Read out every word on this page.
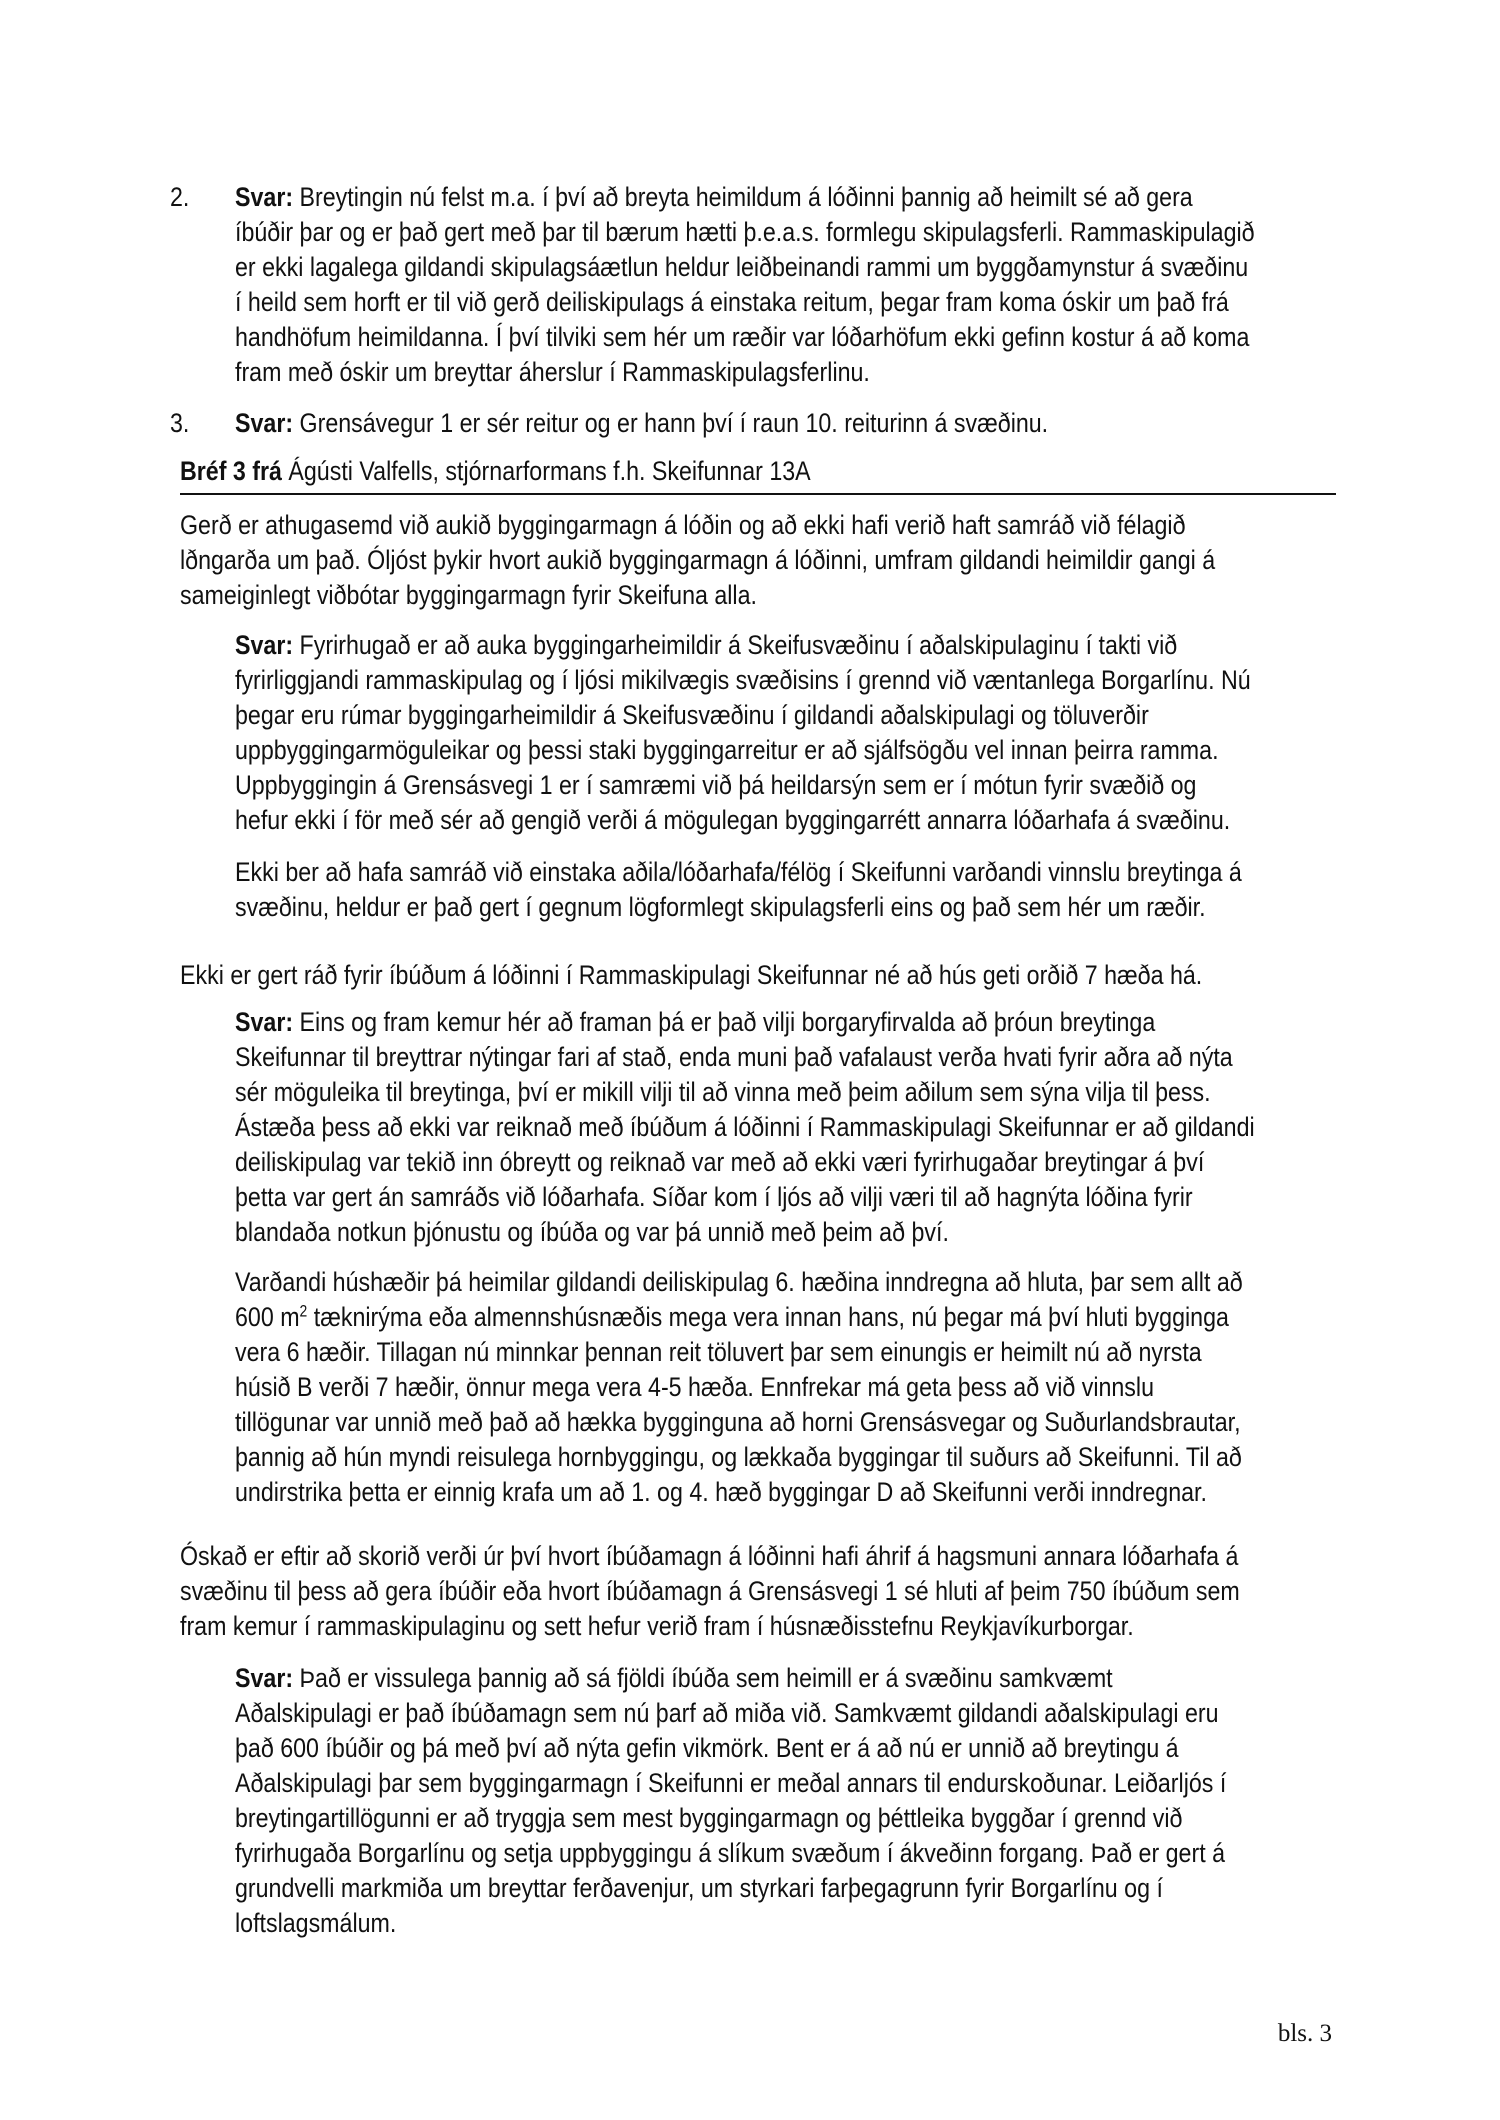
2. Svar: Breytingin nú felst m.a. í því að breyta heimildum á lóðinni þannig að heimilt sé að gera
íbúðir þar og er það gert með þar til bærum hætti þ.e.a.s. formlegu skipulagsferli. Rammaskipulagið
er ekki lagalega gildandi skipulagsáætlun heldur leiðbeinandi rammi um byggðamynstur á svæðinu
í heild sem horft er til við gerð deiliskipulags á einstaka reitum, þegar fram koma óskir um það frá
handhöfum heimildanna. Í því tilviki sem hér um ræðir var lóðarhöfum ekki gefinn kostur á að koma
fram með óskir um breyttar áherslur í Rammaskipulagsferlinu.
3. Svar: Grensávegur 1 er sér reitur og er hann því í raun 10. reiturinn á svæðinu.
Bréf 3 frá Ágústi Valfells, stjórnarformans f.h. Skeifunnar 13A
Gerð er athugasemd við aukið byggingarmagn á lóðin og að ekki hafi verið haft samráð við félagið
lðngarða um það. Óljóst þykir hvort aukið byggingarmagn á lóðinni, umfram gildandi heimildir gangi á
sameiginlegt viðbótar byggingarmagn fyrir Skeifuna alla.
Svar: Fyrirhugað er að auka byggingarheimildir á Skeifusvæðinu í aðalskipulaginu í takti við
fyrirliggjandi rammaskipulag og í ljósi mikilvægis svæðisins í grennd við væntanlega Borgarlínu. Nú
þegar eru rúmar byggingarheimildir á Skeifusvæðinu í gildandi aðalskipulagi og töluverðir
uppbyggingarmöguleikar og þessi staki byggingarreitur er að sjálfsögðu vel innan þeirra ramma.
Uppbyggingin á Grensásvegi 1 er í samræmi við þá heildarsýn sem er í mótun fyrir svæðið og
hefur ekki í för með sér að gengið verði á mögulegan byggingarrétt annarra lóðarhafa á svæðinu.
Ekki ber að hafa samráð við einstaka aðila/lóðarhafa/félög í Skeifunni varðandi vinnslu breytinga á
svæðinu, heldur er það gert í gegnum lögformlegt skipulagsferli eins og það sem hér um ræðir.
Ekki er gert ráð fyrir íbúðum á lóðinni í Rammaskipulagi Skeifunnar né að hús geti orðið 7 hæða há.
Svar: Eins og fram kemur hér að framan þá er það vilji borgaryfirvalda að þróun breytinga
Skeifunnar til breyttrar nýtingar fari af stað, enda muni það vafalaust verða hvati fyrir aðra að nýta
sér möguleika til breytinga, því er mikill vilji til að vinna með þeim aðilum sem sýna vilja til þess.
Ástæða þess að ekki var reiknað með íbúðum á lóðinni í Rammaskipulagi Skeifunnar er að gildandi
deiliskipulag var tekið inn óbreytt og reiknað var með að ekki væri fyrirhugaðar breytingar á því
þetta var gert án samráðs við lóðarhafa. Síðar kom í ljós að vilji væri til að hagnýta lóðina fyrir
blandaða notkun þjónustu og íbúða og var þá unnið með þeim að því.
Varðandi húshæðir þá heimilar gildandi deiliskipulag 6. hæðina inndregna að hluta, þar sem allt að
600 $m^2$ tæknirýma eða almennshúsnæðis mega vera innan hans, nú þegar má því hluti bygginga
vera 6 hæðir. Tillagan nú minnkar þennan reit töluvert þar sem einungis er heimilt nú að nyrsta
húsið B verði 7 hæðir, önnur mega vera 4-5 hæða. Ennfrekar má geta þess að við vinnslu
tillögunar var unnið með það að hækka bygginguna að horni Grensásvegar og Suðurlandsbrautar,
þannig að hún myndi reisulega hornbyggingu, og lækkaða byggingar til suðurs að Skeifunni. Til að
undirstrika þetta er einnig krafa um að 1. og 4. hæð byggingar D að Skeifunni verði inndregnar.
Óskað er eftir að skorið verði úr því hvort íbúðamagn á lóðinni hafi áhrif á hagsmuni annara lóðarhafa á
svæðinu til þess að gera íbúðir eða hvort íbúðamagn á Grensásvegi 1 sé hluti af þeim 750 íbúðum sem
fram kemur í rammaskipulaginu og sett hefur verið fram í húsnæðisstefnu Reykjavíkurborgar.
Svar: Það er vissulega þannig að sá fjöldi íbúða sem heimill er á svæðinu samkvæmt
Aðalskipulagi er það íbúðamagn sem nú þarf að miða við. Samkvæmt gildandi aðalskipulagi eru
það 600 íbúðir og þá með því að nýta gefin vikmörk. Bent er á að nú er unnið að breytingu á
Aðalskipulagi þar sem byggingarmagn í Skeifunni er meðal annars til endurskoðunar. Leiðarljós í
breytingartillögunni er að tryggja sem mest byggingarmagn og þéttleika byggðar í grennd við
fyrirhugaða Borgarlínu og setja uppbyggingu á slíkum svæðum í ákveðinn forgang. Það er gert á
grundvelli markmiða um breyttar ferðavenjur, um styrkari farþegagrunn fyrir Borgarlínu og í
loftslagsmálum.
bls. 3
